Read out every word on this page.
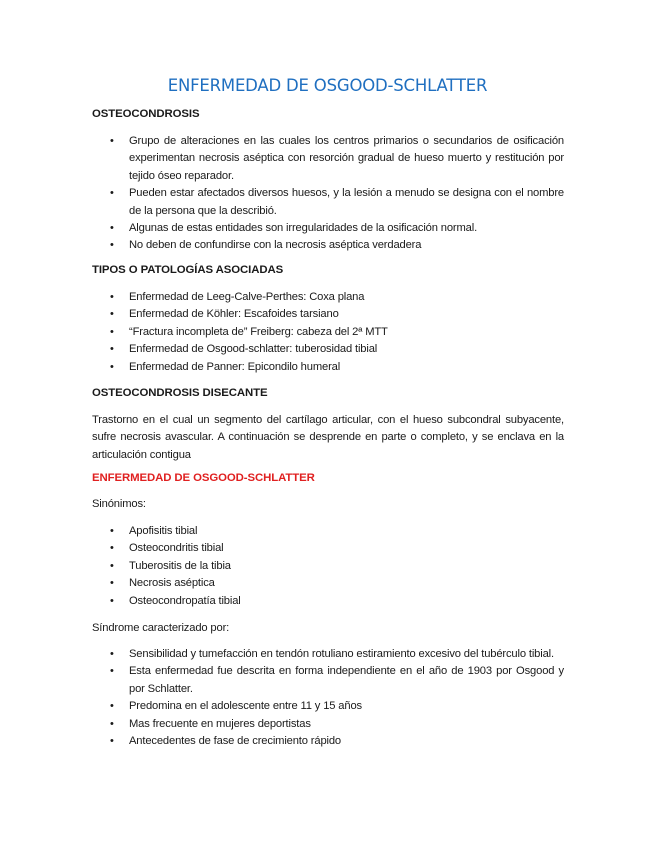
ENFERMEDAD DE OSGOOD-SCHLATTER
OSTEOCONDROSIS
• Grupo de alteraciones en las cuales los centros primarios o secundarios de osificación experimentan necrosis aséptica con resorción gradual de hueso muerto y restitución por tejido óseo reparador.
• Pueden estar afectados diversos huesos, y la lesión a menudo se designa con el nombre de la persona que la describió.
• Algunas de estas entidades son irregularidades de la osificación normal.
• No deben de confundirse con la necrosis aséptica verdadera
TIPOS O PATOLOGÍAS ASOCIADAS
• Enfermedad de Leeg-Calve-Perthes: Coxa plana
• Enfermedad de Köhler: Escafoides tarsiano
• “Fractura incompleta de” Freiberg: cabeza del 2ª MTT
• Enfermedad de Osgood-schlatter: tuberosidad tibial
• Enfermedad de Panner: Epicondilo humeral
OSTEOCONDROSIS DISECANTE

Trastorno en el cual un segmento del cartílago articular, con el hueso subcondral subyacente, sufre necrosis avascular. A continuación se desprende en parte o completo, y se enclava en la articulación contigua

ENFERMEDAD DE OSGOOD-SCHLATTER

Sinónimos:

• Apofisitis tibial
• Osteocondritis tibial
• Tuberositis de la tibia
• Necrosis aséptica
• Osteocondropatía tibial

Síndrome caracterizado por:

• Sensibilidad y tumefacción en tendón rotuliano estiramiento excesivo del tubérculo tibial.
• Esta enfermedad fue descrita en forma independiente en el año de 1903 por Osgood y por Schlatter.
• Predomina en el adolescente entre 11 y 15 años
• Mas frecuente en mujeres deportistas
• Antecedentes de fase de crecimiento rápido
